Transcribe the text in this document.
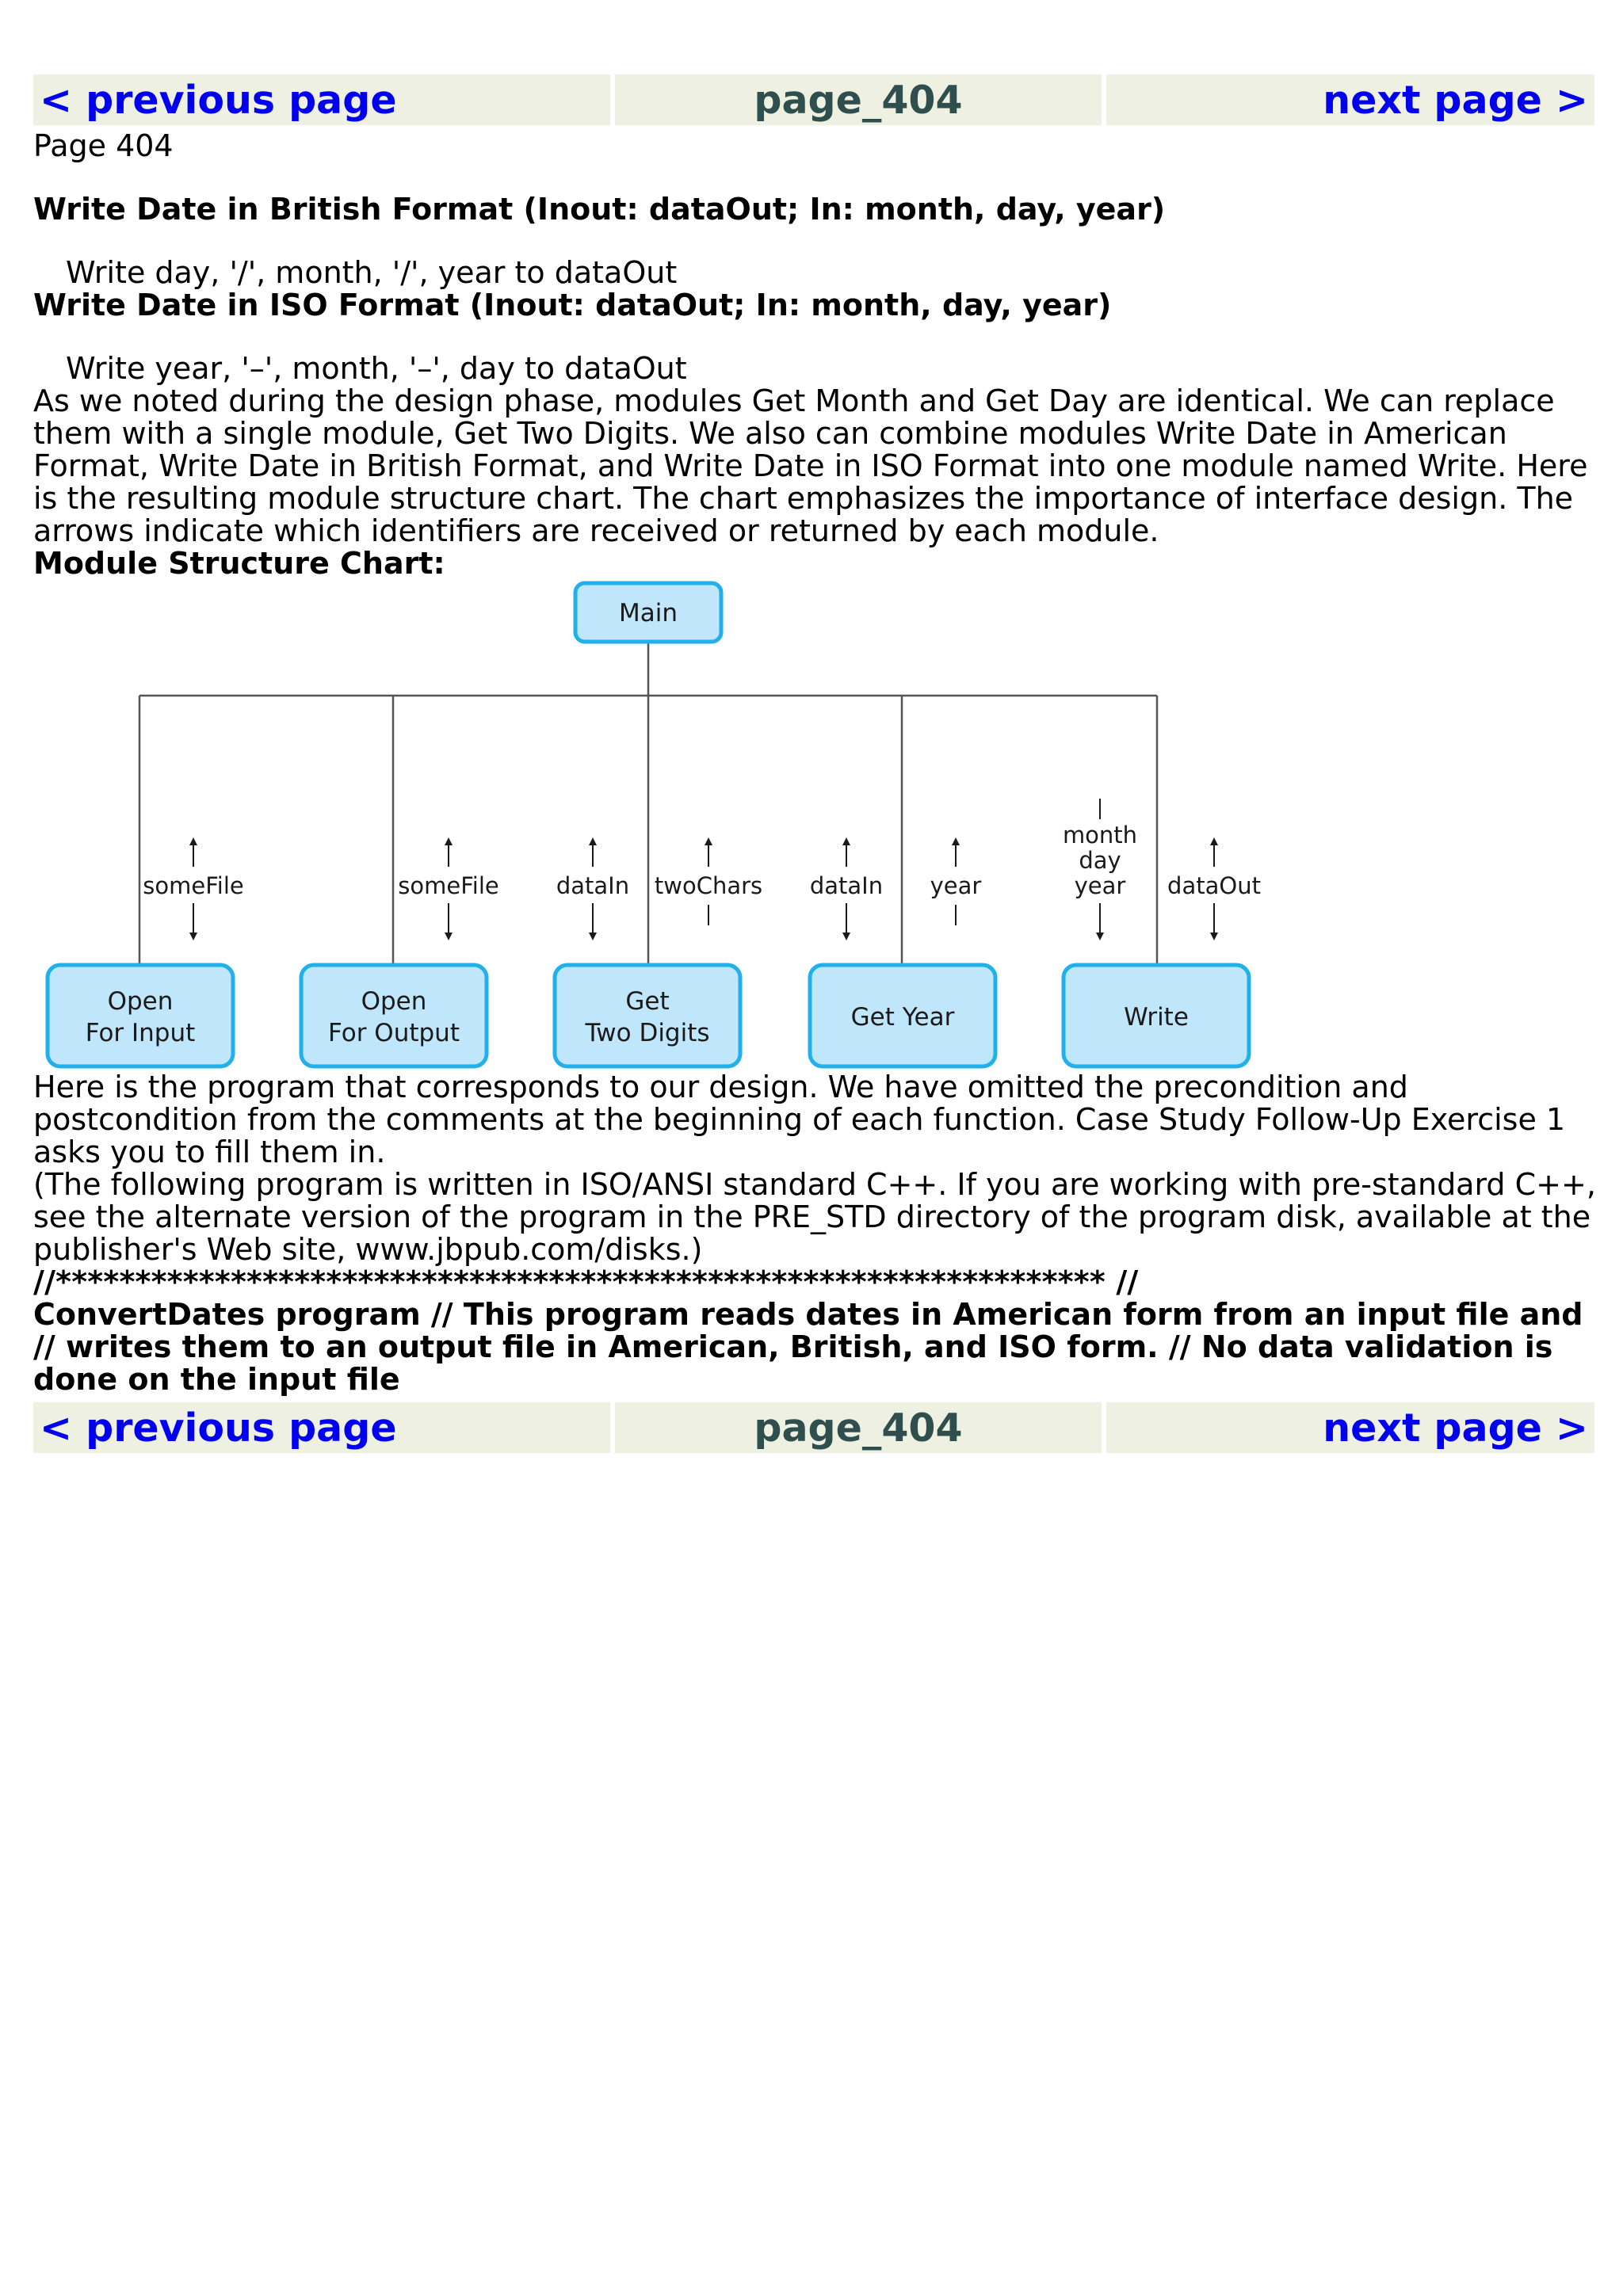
< previous page	page_404	next page >

Page 404

Write Date in British Format (Inout: dataOut; In: month, day, year)

Write day, '/', month, '/', year to dataOut

Write Date in ISO Format (Inout: dataOut; In: month, day, year)

Write year, '–', month, '–', day to dataOut

As we noted during the design phase, modules Get Month and Get Day are identical. We can replace them with a single module, Get Two Digits. We also can combine modules Write Date in American Format, Write Date in British Format, and Write Date in ISO Format into one module named Write. Here is the resulting module structure chart. The chart emphasizes the importance of interface design. The arrows indicate which identifiers are received or returned by each module.

Module Structure Chart:

Main
someFile	someFile dataIn twoChars dataIn year
month
day
year dataOut
Open
For Input
Open
For Output
Get
Two Digits
Get Year	Write

Here is the program that corresponds to our design. We have omitted the precondition and postcondition from the comments at the beginning of each function. Case Study Follow-Up Exercise 1 asks you to fill them in.

(The following program is written in ISO/ANSI standard C++. If you are working with pre-standard C++, see the alternate version of the program in the PRE_STD directory of the program disk, available at the publisher's Web site, www.jbpub.com/disks.)

//****************************************************************** //

ConvertDates program // This program reads dates in American form from an input file and // writes them to an output file in American, British, and ISO form. // No data validation is done on the input file

< previous page	page_404	next page >
